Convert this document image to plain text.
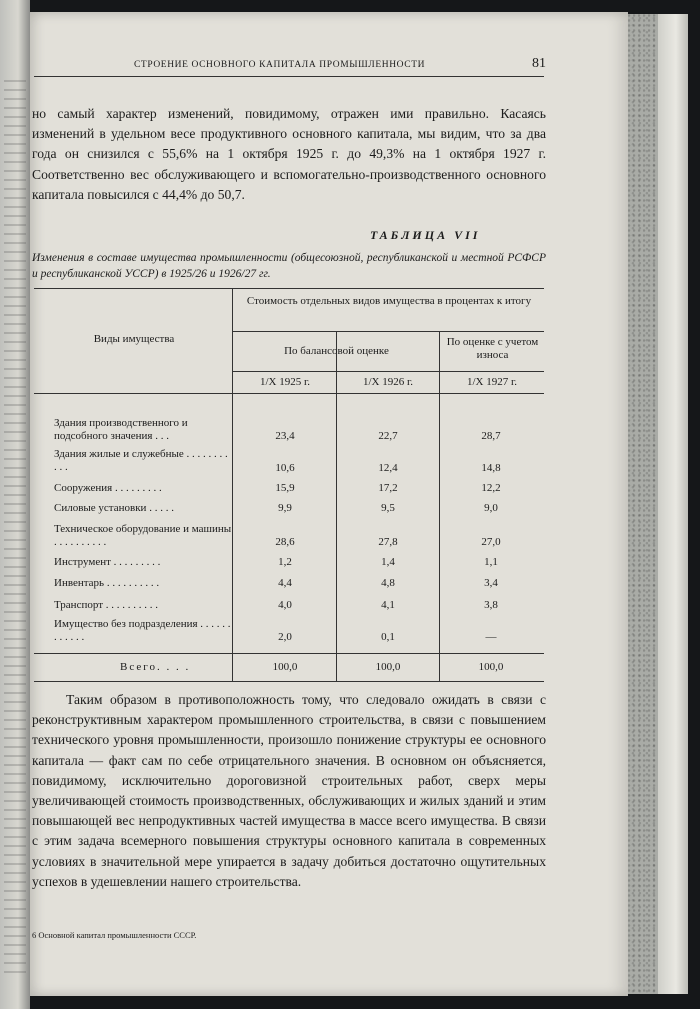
СТРОЕНИЕ ОСНОВНОГО КАПИТАЛА ПРОМЫШЛЕННОСТИ	81

но самый характер изменений, повидимому, отражен ими правильно. Касаясь изменений в удельном весе продуктивного основного капитала, мы видим, что за два года он снизился с 55,6% на 1 октября 1925 г. до 49,3% на 1 октября 1927 г. Соответственно вес обслуживающего и вспомогательно-производственного основного капитала повысился с 44,4% до 50,7.

ТАБЛИЦА VII
Изменения в составе имущества промышленности (общесоюзной, республиканской и местной РСФСР и республиканской УССР) в 1925/26 и 1926/27 гг.
Виды имущества
Стоимость отдельных видов имущества в процентах к итогу
По балансовой оценке
По оценке с учетом износа
1/X 1925 г.	1/X 1926 г.	1/X 1927 г.
Здания производственного и подсобного значения . . .	23,4	22,7	28,7
Здания жилые и служебные . . . . . . . . . . .	10,6	12,4	14,8
Сооружения . . . . . . . . .	15,9	17,2	12,2
Силовые установки . . . . .	9,9	9,5	9,0
Техническое оборудование и машины . . . . . . . . . .	28,6	27,8	27,0
Инструмент . . . . . . . . .	1,2	1,4	1,1
Инвентарь . . . . . . . . . .	4,4	4,8	3,4
Транспорт . . . . . . . . . .	4,0	4,1	3,8
Имущество без подразделения . . . . . . . . . . . .	2,0	0,1	—
Всего. . . .	100,0	100,0	100,0

Таким образом в противоположность тому, что следовало ожидать в связи с реконструктивным характером промышленного строительства, в связи с повышением технического уровня промышленности, произошло понижение структуры ее основного капитала — факт сам по себе отрицательного значения. В основном он объясняется, повидимому, исключительно дороговизной строительных работ, сверх меры увеличивающей стоимость производственных, обслуживающих и жилых зданий и этим повышающей вес непродуктивных частей имущества в массе всего имущества. В связи с этим задача всемерного повышения структуры основного капитала в современных условиях в значительной мере упирается в задачу добиться достаточно ощутительных успехов в удешевлении нашего строительства.

6 Основной капитал промышленности СССР.
